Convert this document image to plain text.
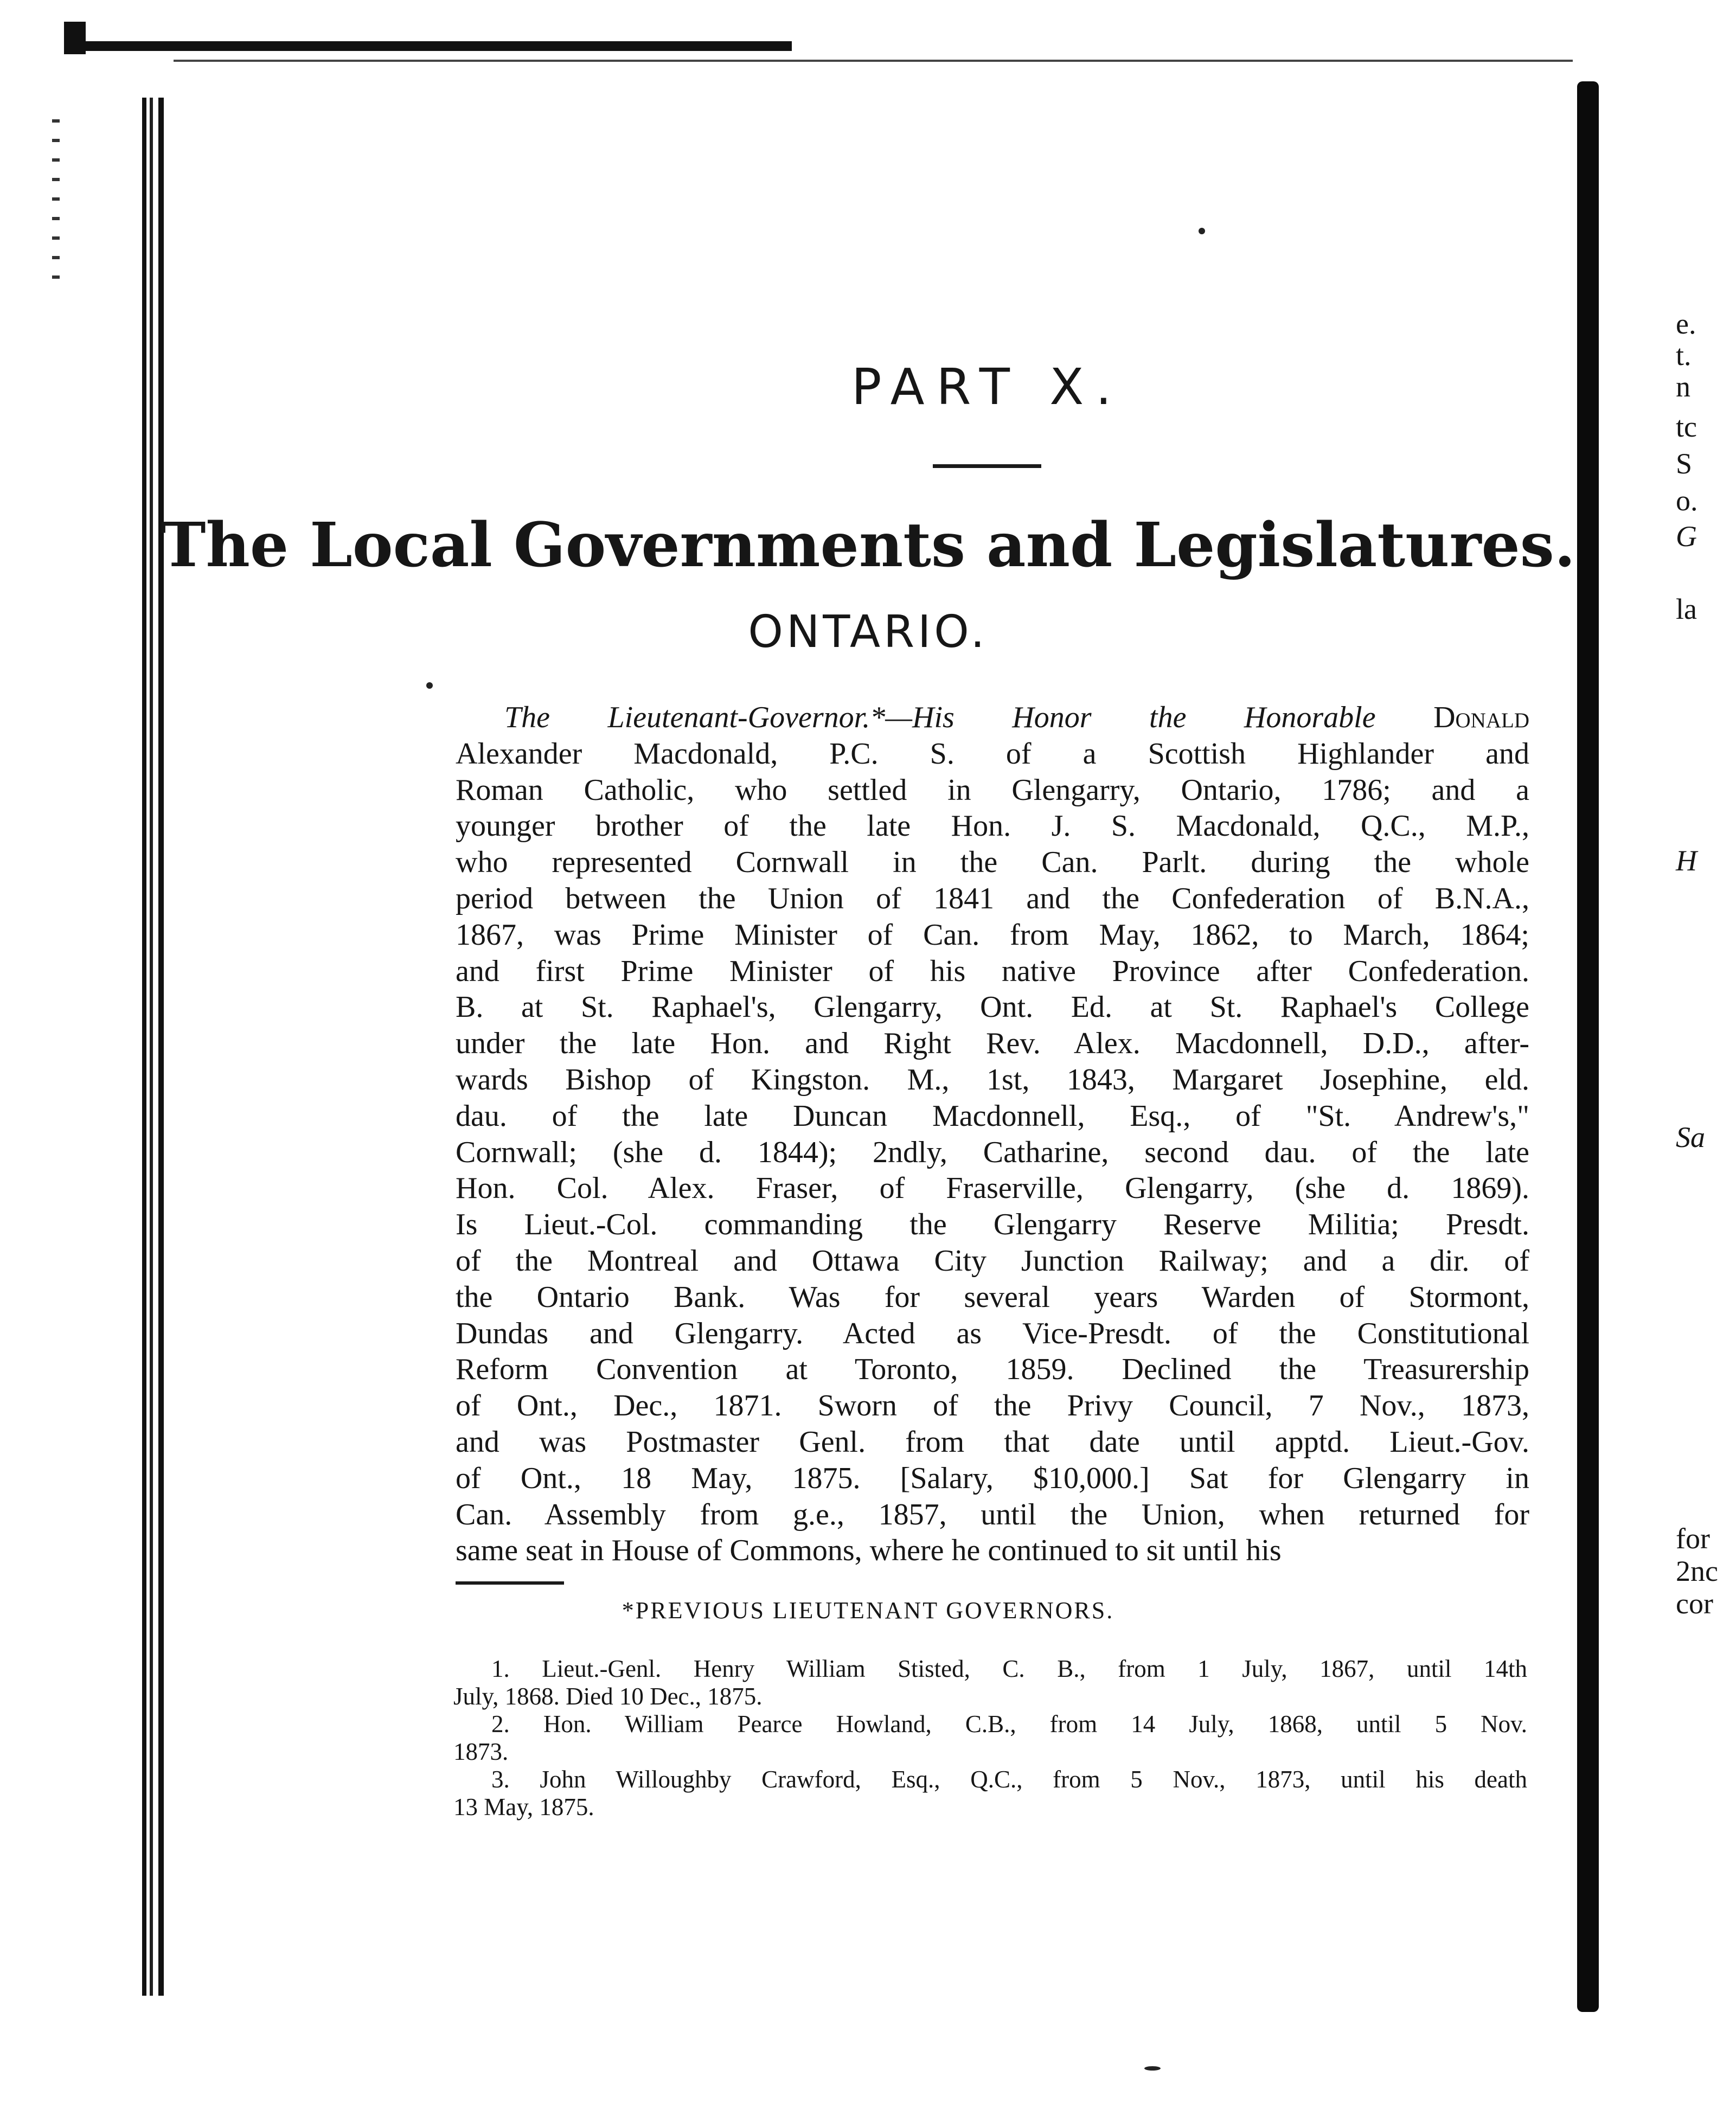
e.
t.
n
tc
S
o.
G
la
H
Sa
for
2nc
cor
PART X.
The Local Governments and Legislatures.
ONTARIO.
The Lieutenant-Governor.*—His Honor the Honorable Donald
Alexander Macdonald, P.C. S. of a Scottish Highlander and
Roman Catholic, who settled in Glengarry, Ontario, 1786; and a
younger brother of the late Hon. J. S. Macdonald, Q.C., M.P.,
who represented Cornwall in the Can. Parlt. during the whole
period between the Union of 1841 and the Confederation of B.N.A.,
1867, was Prime Minister of Can. from May, 1862, to March, 1864;
and first Prime Minister of his native Province after Confederation.
B. at St. Raphael's, Glengarry, Ont. Ed. at St. Raphael's College
under the late Hon. and Right Rev. Alex. Macdonnell, D.D., after-
wards Bishop of Kingston. M., 1st, 1843, Margaret Josephine, eld.
dau. of the late Duncan Macdonnell, Esq., of "St. Andrew's,"
Cornwall; (she d. 1844); 2ndly, Catharine, second dau. of the late
Hon. Col. Alex. Fraser, of Fraserville, Glengarry, (she d. 1869).
Is Lieut.-Col. commanding the Glengarry Reserve Militia; Presdt.
of the Montreal and Ottawa City Junction Railway; and a dir. of
the Ontario Bank. Was for several years Warden of Stormont,
Dundas and Glengarry. Acted as Vice-Presdt. of the Constitutional
Reform Convention at Toronto, 1859. Declined the Treasurership
of Ont., Dec., 1871. Sworn of the Privy Council, 7 Nov., 1873,
and was Postmaster Genl. from that date until apptd. Lieut.-Gov.
of Ont., 18 May, 1875. [Salary, $10,000.] Sat for Glengarry in
Can. Assembly from g.e., 1857, until the Union, when returned for
same seat in House of Commons, where he continued to sit until his
*PREVIOUS LIEUTENANT GOVERNORS.
1. Lieut.-Genl. Henry William Stisted, C. B., from 1 July, 1867, until 14th
July, 1868. Died 10 Dec., 1875.
2. Hon. William Pearce Howland, C.B., from 14 July, 1868, until 5 Nov.
1873.
3. John Willoughby Crawford, Esq., Q.C., from 5 Nov., 1873, until his death
13 May, 1875.
